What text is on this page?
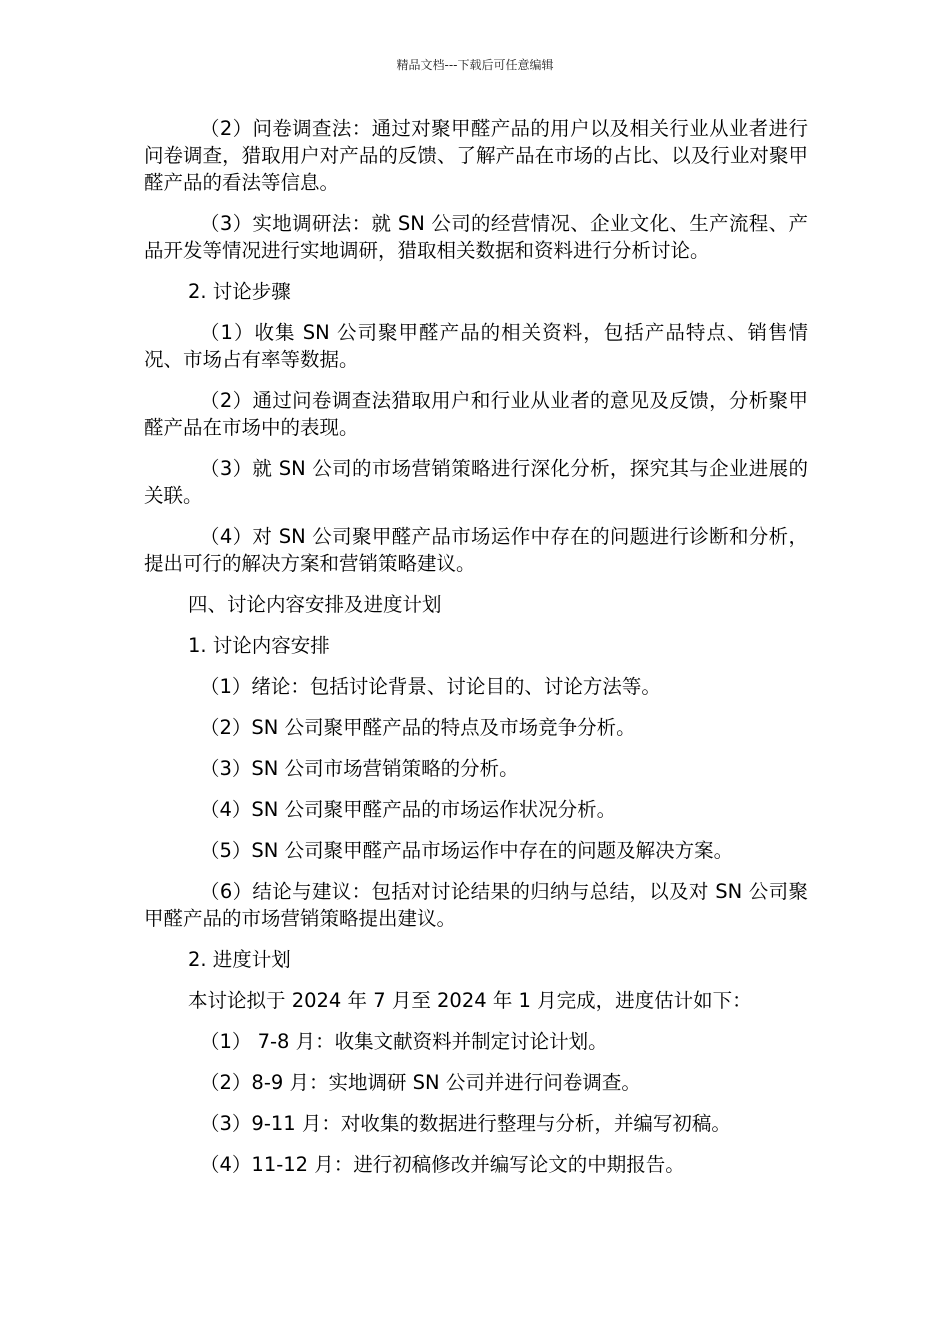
精品文档---下载后可任意编辑

（2）问卷调查法：通过对聚甲醛产品的用户以及相关行业从业者进行问卷调查，猎取用户对产品的反馈、了解产品在市场的占比、以及行业对聚甲醛产品的看法等信息。

（3）实地调研法：就 SN 公司的经营情况、企业文化、生产流程、产品开发等情况进行实地调研，猎取相关数据和资料进行分析讨论。

2. 讨论步骤

（1）收集 SN 公司聚甲醛产品的相关资料，包括产品特点、销售情况、市场占有率等数据。

（2）通过问卷调查法猎取用户和行业从业者的意见及反馈，分析聚甲醛产品在市场中的表现。

（3）就 SN 公司的市场营销策略进行深化分析，探究其与企业进展的关联。

（4）对 SN 公司聚甲醛产品市场运作中存在的问题进行诊断和分析，提出可行的解决方案和营销策略建议。

四、讨论内容安排及进度计划

1. 讨论内容安排

（1）绪论：包括讨论背景、讨论目的、讨论方法等。

（2）SN 公司聚甲醛产品的特点及市场竞争分析。

（3）SN 公司市场营销策略的分析。

（4）SN 公司聚甲醛产品的市场运作状况分析。

（5）SN 公司聚甲醛产品市场运作中存在的问题及解决方案。

（6）结论与建议：包括对讨论结果的归纳与总结，以及对 SN 公司聚甲醛产品的市场营销策略提出建议。

2. 进度计划

本讨论拟于 2024 年 7 月至 2024 年 1 月完成，进度估计如下：

（1） 7-8 月：收集文献资料并制定讨论计划。

（2）8-9 月：实地调研 SN 公司并进行问卷调查。

（3）9-11 月：对收集的数据进行整理与分析，并编写初稿。

（4）11-12 月：进行初稿修改并编写论文的中期报告。
